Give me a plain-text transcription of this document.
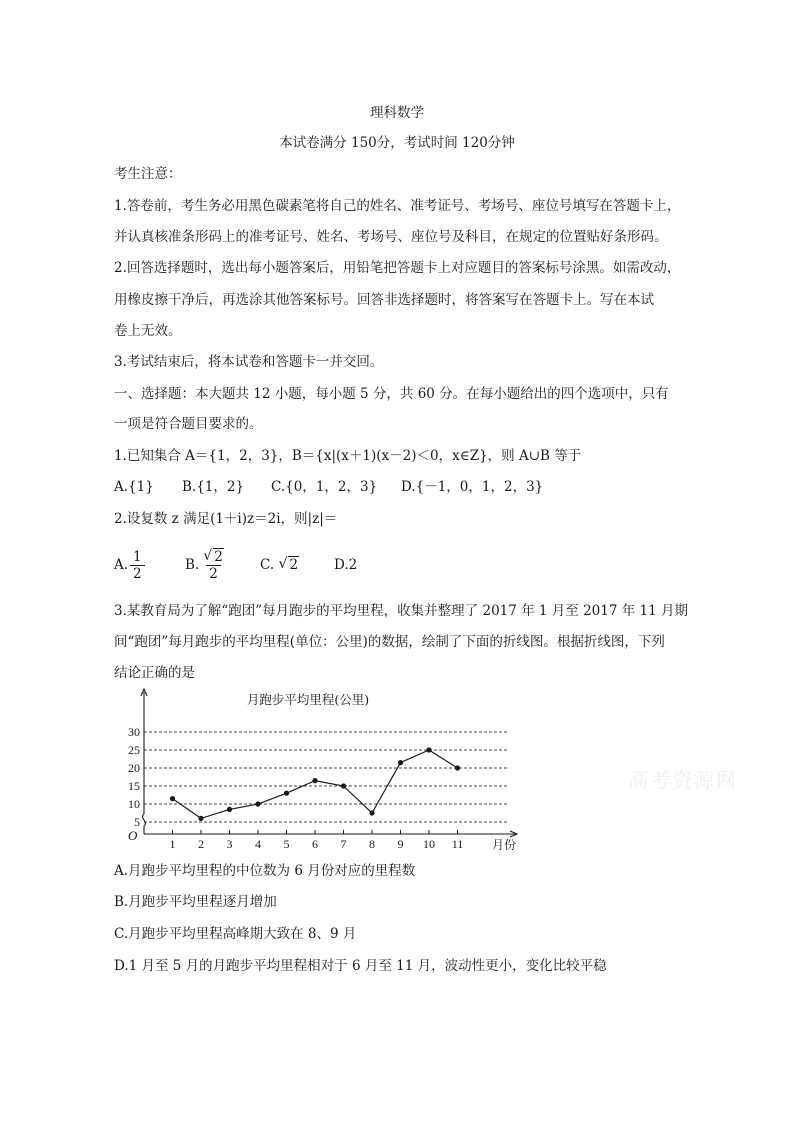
理科数学
本试卷满分 150分，考试时间 120分钟
考生注意：
1.答卷前，考生务必用黑色碳素笔将自己的姓名、准考证号、考场号、座位号填写在答题卡上，
并认真核准条形码上的准考证号、姓名、考场号、座位号及科目，在规定的位置贴好条形码。
2.回答选择题时，选出每小题答案后，用铅笔把答题卡上对应题目的答案标号涂黑。如需改动，
用橡皮擦干净后，再选涂其他答案标号。回答非选择题时，将答案写在答题卡上。写在本试
卷上无效。
3.考试结束后，将本试卷和答题卡一并交回。
一、选择题：本大题共 12 小题，每小题 5 分，共 60 分。在每小题给出的四个选项中，只有
一项是符合题目要求的。
1.已知集合 A＝{1，2，3}，B＝{x|(x＋1)(x－2)＜0，x∈Z}，则 A∪B 等于
A.{1} B.{1，2} C.{0，1，2，3} D.{－1，0，1，2，3}
2.设复数 z 满足(1＋i)z＝2i，则|z|＝
A. $\frac{1}{2}$	B. $\frac{√ 2}{2}$	C. √ 2	D.2
3.某教育局为了解“跑团”每月跑步的平均里程，收集并整理了 2017 年 1 月至 2017 年 11 月期
间“跑团”每月跑步的平均里程(单位：公里)的数据，绘制了下面的折线图。根据折线图，下列
结论正确的是
5
10
15
20
25
30
O
1 2 3 4 5 6 7 8 9 10 11 月份
月跑步平均里程(公里)
高考资源网
A.月跑步平均里程的中位数为 6 月份对应的里程数
B.月跑步平均里程逐月增加
C.月跑步平均里程高峰期大致在 8、9 月
D.1 月至 5 月的月跑步平均里程相对于 6 月至 11 月，波动性更小，变化比较平稳
